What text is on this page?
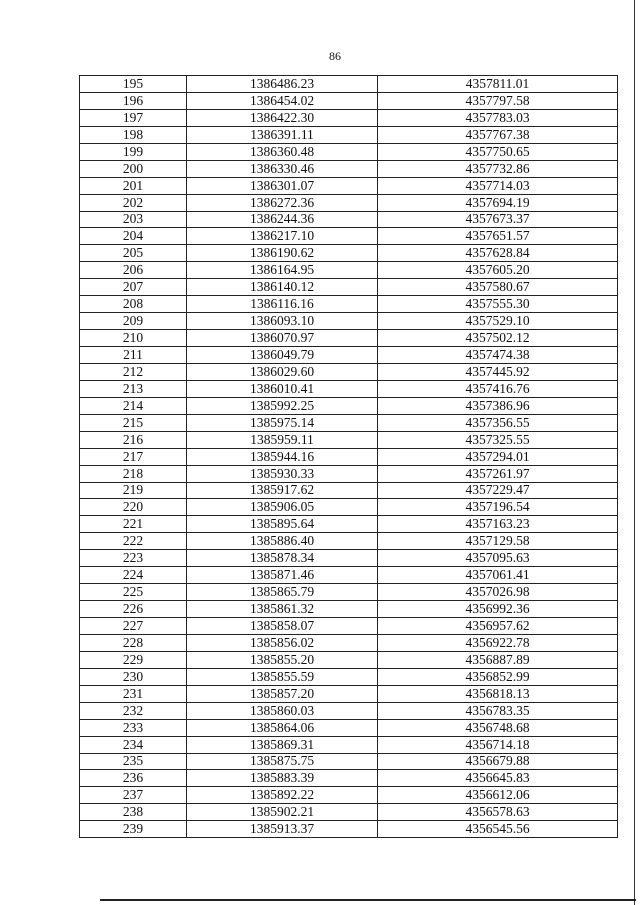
86
195	1386486.23	4357811.01
196	1386454.02	4357797.58
197	1386422.30	4357783.03
198	1386391.11	4357767.38
199	1386360.48	4357750.65
200	1386330.46	4357732.86
201	1386301.07	4357714.03
202	1386272.36	4357694.19
203	1386244.36	4357673.37
204	1386217.10	4357651.57
205	1386190.62	4357628.84
206	1386164.95	4357605.20
207	1386140.12	4357580.67
208	1386116.16	4357555.30
209	1386093.10	4357529.10
210	1386070.97	4357502.12
211	1386049.79	4357474.38
212	1386029.60	4357445.92
213	1386010.41	4357416.76
214	1385992.25	4357386.96
215	1385975.14	4357356.55
216	1385959.11	4357325.55
217	1385944.16	4357294.01
218	1385930.33	4357261.97
219	1385917.62	4357229.47
220	1385906.05	4357196.54
221	1385895.64	4357163.23
222	1385886.40	4357129.58
223	1385878.34	4357095.63
224	1385871.46	4357061.41
225	1385865.79	4357026.98
226	1385861.32	4356992.36
227	1385858.07	4356957.62
228	1385856.02	4356922.78
229	1385855.20	4356887.89
230	1385855.59	4356852.99
231	1385857.20	4356818.13
232	1385860.03	4356783.35
233	1385864.06	4356748.68
234	1385869.31	4356714.18
235	1385875.75	4356679.88
236	1385883.39	4356645.83
237	1385892.22	4356612.06
238	1385902.21	4356578.63
239	1385913.37	4356545.56
